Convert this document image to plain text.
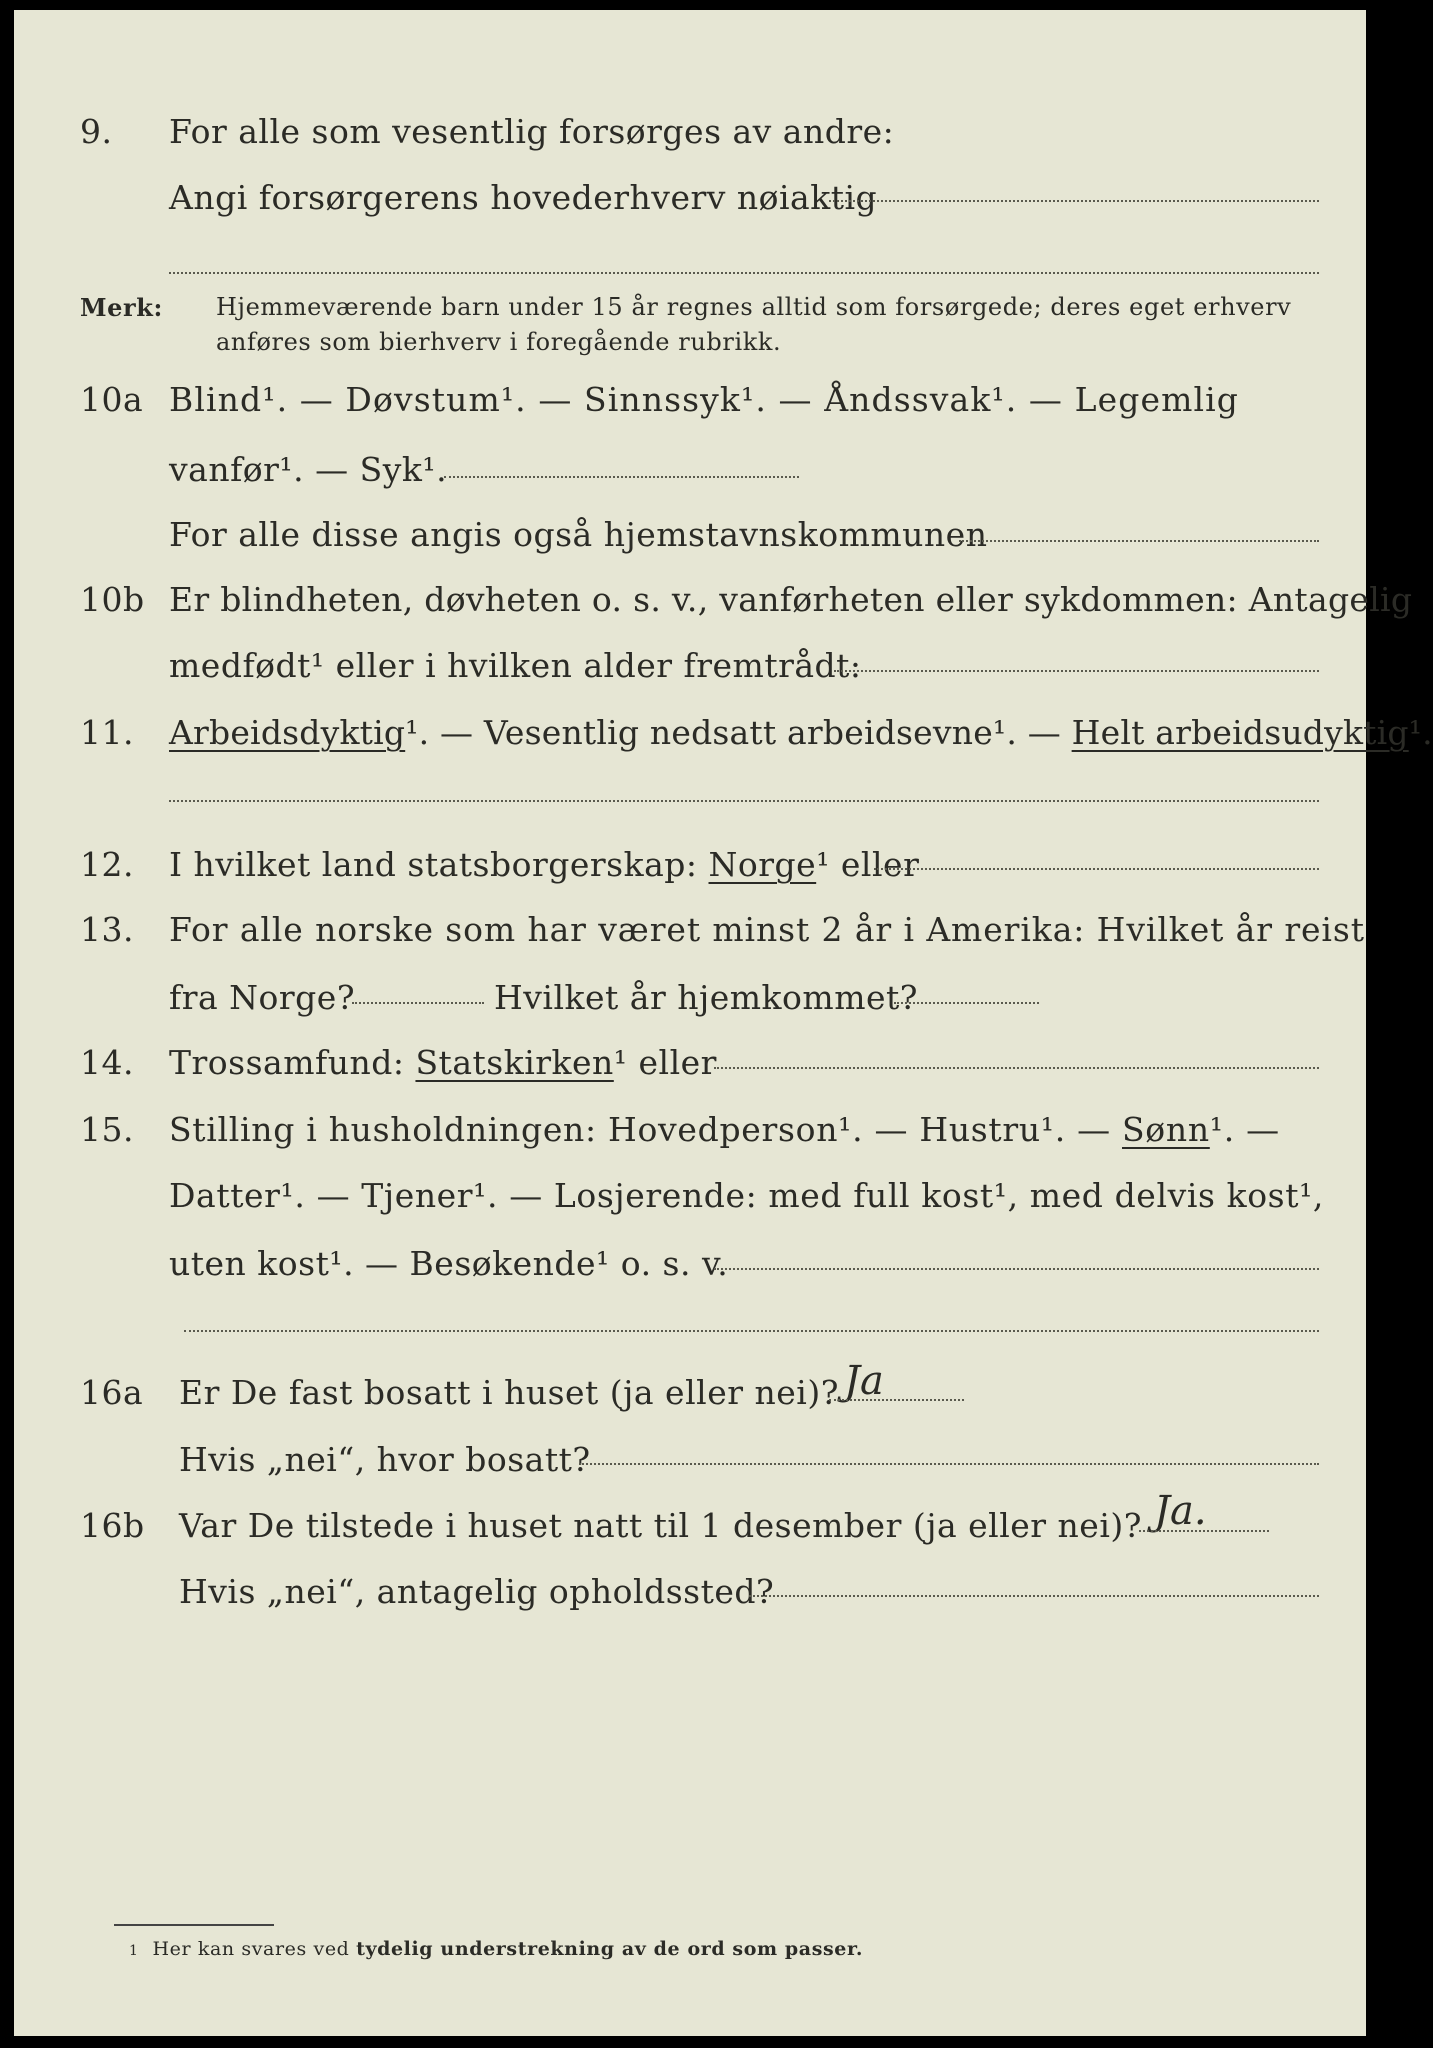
9. For alle som vesentlig forsørges av andre:
Angi forsørgerens hovederhverv nøiaktig
Merk: Hjemmeværende barn under 15 år regnes alltid som forsørgede; deres eget erhverv
anføres som bierhverv i foregående rubrikk.
10a Blind¹. — Døvstum¹. — Sinnssyk¹. — Åndssvak¹. — Legemlig
vanfør¹. — Syk¹.
For alle disse angis også hjemstavnskommunen
10b Er blindheten, døvheten o. s. v., vanførheten eller sykdommen: Antagelig
medfødt¹ eller i hvilken alder fremtrådt:
11. Arbeidsdyktig¹. — Vesentlig nedsatt arbeidsevne¹. — Helt arbeidsudyktig¹.
12. I hvilket land statsborgerskap: Norge¹ eller
13. For alle norske som har været minst 2 år i Amerika: Hvilket år reist
fra Norge?	Hvilket år hjemkommet?
14. Trossamfund: Statskirken¹ eller
15. Stilling i husholdningen: Hovedperson¹. — Hustru¹. — Sønn¹. —
Datter¹. — Tjener¹. — Losjerende: med full kost¹, med delvis kost¹,
uten kost¹. — Besøkende¹ o. s. v.
16a Er De fast bosatt i huset (ja eller nei)? Ja
Hvis „nei“, hvor bosatt?
16b Var De tilstede i huset natt til 1 desember (ja eller nei)? Ja.
Hvis „nei“, antagelig opholdssted?
1 Her kan svares ved tydelig understrekning av de ord som passer.
